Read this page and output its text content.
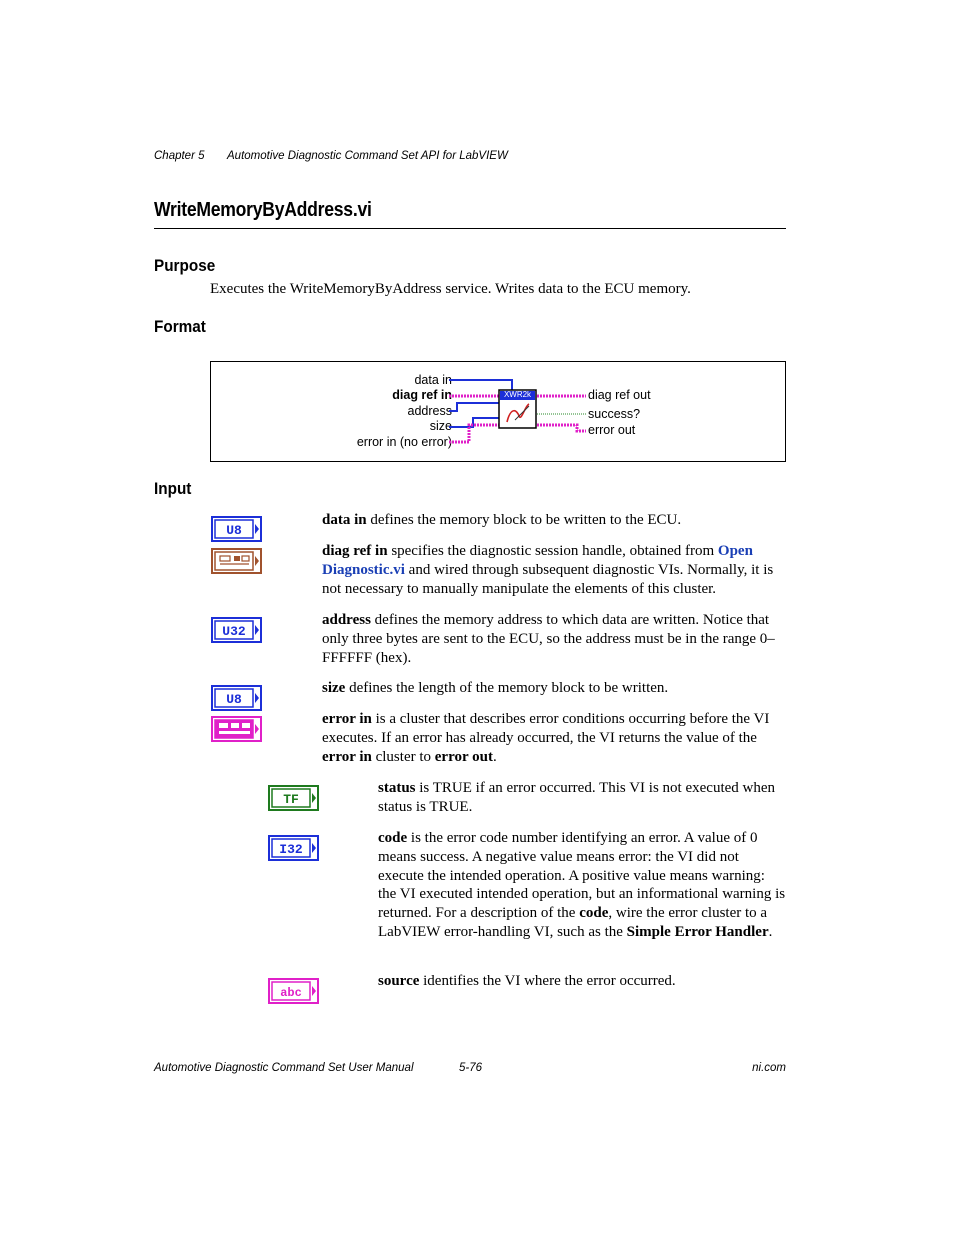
Chapter 5 Automotive Diagnostic Command Set API for LabVIEW
WriteMemoryByAddress.vi
Purpose
Executes the WriteMemoryByAddress service. Writes data to the ECU memory.
Format
data in
diag ref in
address
size
error in (no error)
diag ref out
success?
error out
XWR2k
Input
U8
U32
U8
TF
I32
abc
data in defines the memory block to be written to the ECU.
diag ref in specifies the diagnostic session handle, obtained from Open Diagnostic.vi and wired through subsequent diagnostic VIs. Normally, it is not necessary to manually manipulate the elements of this cluster.
address defines the memory address to which data are written. Notice that only three bytes are sent to the ECU, so the address must be in the range 0–FFFFFF (hex).
size defines the length of the memory block to be written.
error in is a cluster that describes error conditions occurring before the VI executes. If an error has already occurred, the VI returns the value of the error in cluster to error out.
status is TRUE if an error occurred. This VI is not executed when status is TRUE.
code is the error code number identifying an error. A value of 0 means success. A negative value means error: the VI did not execute the intended operation. A positive value means warning: the VI executed intended operation, but an informational warning is returned. For a description of the code, wire the error cluster to a LabVIEW error-handling VI, such as the Simple Error Handler.
source identifies the VI where the error occurred.
Automotive Diagnostic Command Set User Manual	5-76	ni.com
